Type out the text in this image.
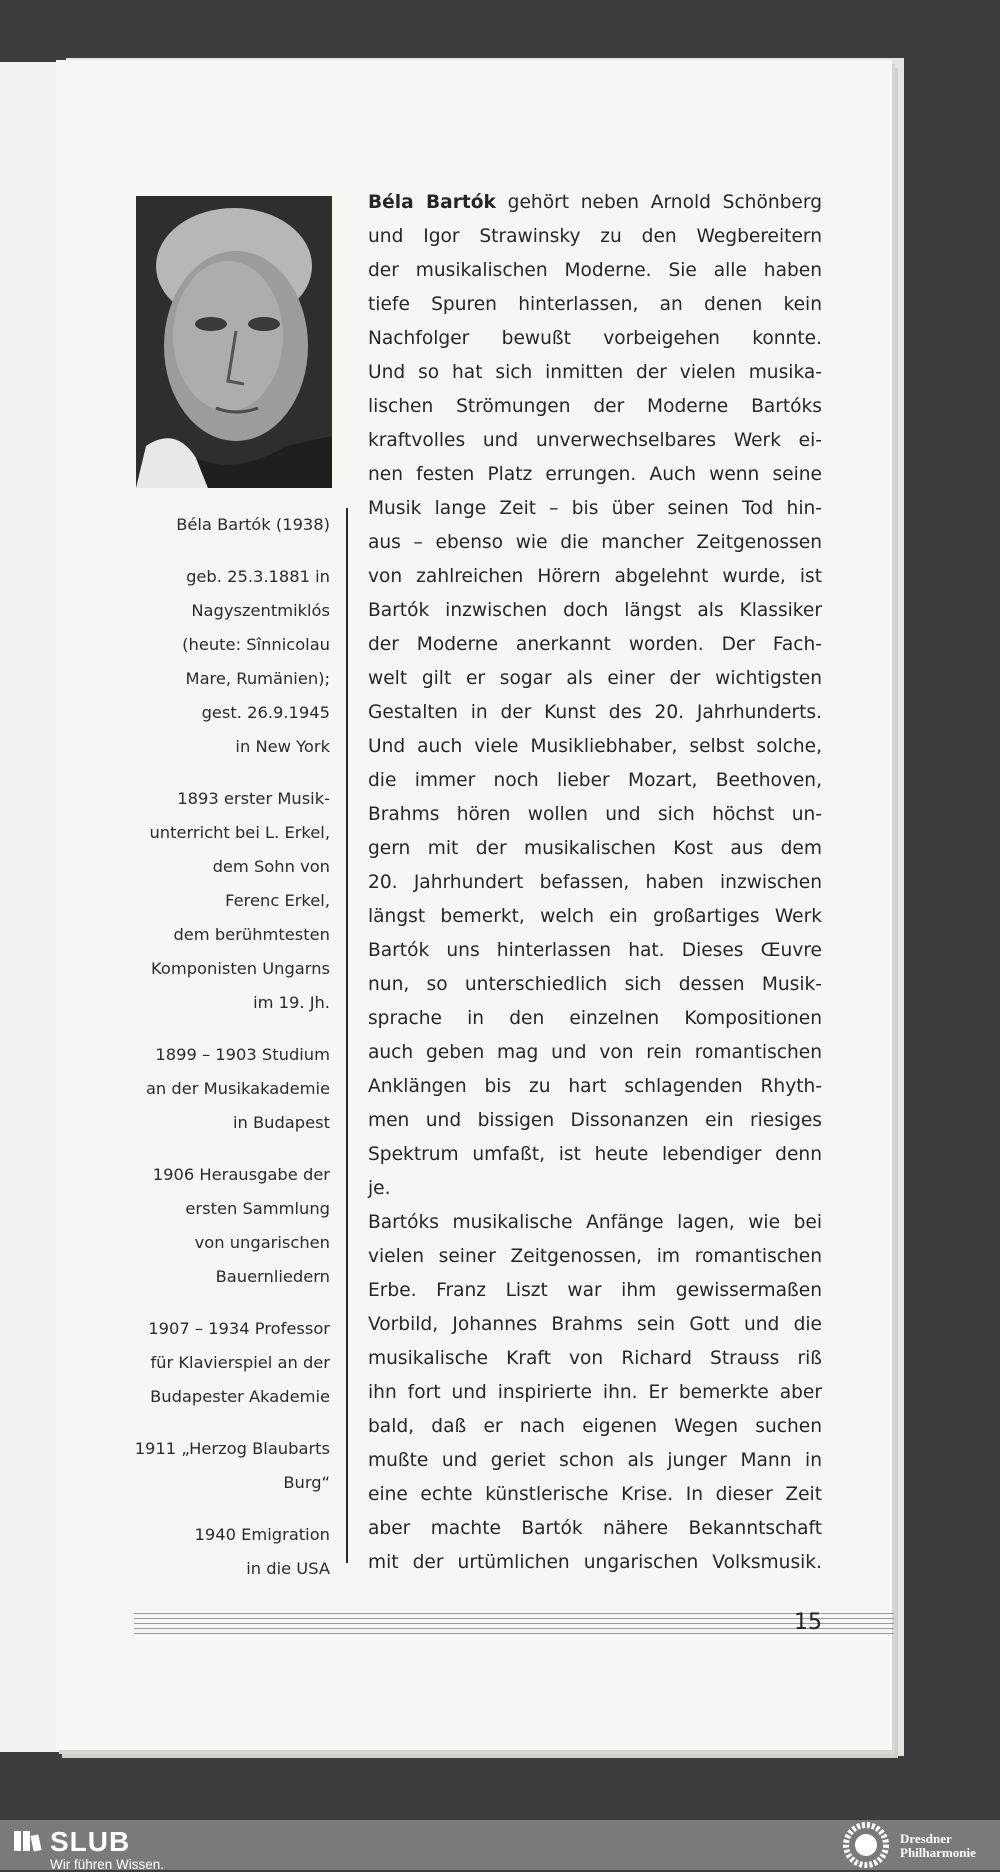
Béla Bartók (1938)
geb. 25.3.1881 in
Nagyszentmiklós
(heute: Sînnicolau
Mare, Rumänien);
gest. 26.9.1945
in New York
1893 erster Musik-
unterricht bei L. Erkel,
dem Sohn von
Ferenc Erkel,
dem berühmtesten
Komponisten Ungarns
im 19. Jh.
1899 – 1903 Studium
an der Musikakademie
in Budapest
1906 Herausgabe der
ersten Sammlung
von ungarischen
Bauernliedern
1907 – 1934 Professor
für Klavierspiel an der
Budapester Akademie
1911 „Herzog Blaubarts
Burg“
1940 Emigration
in die USA
Béla Bartók gehört neben Arnold Schönberg
und Igor Strawinsky zu den Wegbereitern
der musikalischen Moderne. Sie alle haben
tiefe Spuren hinterlassen, an denen kein
Nachfolger bewußt vorbeigehen konnte.
Und so hat sich inmitten der vielen musika-
lischen Strömungen der Moderne Bartóks
kraftvolles und unverwechselbares Werk ei-
nen festen Platz errungen. Auch wenn seine
Musik lange Zeit – bis über seinen Tod hin-
aus – ebenso wie die mancher Zeitgenossen
von zahlreichen Hörern abgelehnt wurde, ist
Bartók inzwischen doch längst als Klassiker
der Moderne anerkannt worden. Der Fach-
welt gilt er sogar als einer der wichtigsten
Gestalten in der Kunst des 20. Jahrhunderts.
Und auch viele Musikliebhaber, selbst solche,
die immer noch lieber Mozart, Beethoven,
Brahms hören wollen und sich höchst un-
gern mit der musikalischen Kost aus dem
20. Jahrhundert befassen, haben inzwischen
längst bemerkt, welch ein großartiges Werk
Bartók uns hinterlassen hat. Dieses Œuvre
nun, so unterschiedlich sich dessen Musik-
sprache in den einzelnen Kompositionen
auch geben mag und von rein romantischen
Anklängen bis zu hart schlagenden Rhyth-
men und bissigen Dissonanzen ein riesiges
Spektrum umfaßt, ist heute lebendiger denn
je.
Bartóks musikalische Anfänge lagen, wie bei
vielen seiner Zeitgenossen, im romantischen
Erbe. Franz Liszt war ihm gewissermaßen
Vorbild, Johannes Brahms sein Gott und die
musikalische Kraft von Richard Strauss riß
ihn fort und inspirierte ihn. Er bemerkte aber
bald, daß er nach eigenen Wegen suchen
mußte und geriet schon als junger Mann in
eine echte künstlerische Krise. In dieser Zeit
aber machte Bartók nähere Bekanntschaft
mit der urtümlichen ungarischen Volksmusik.
15
SLUB
Wir führen Wissen.
Dresdner
Philharmonie
